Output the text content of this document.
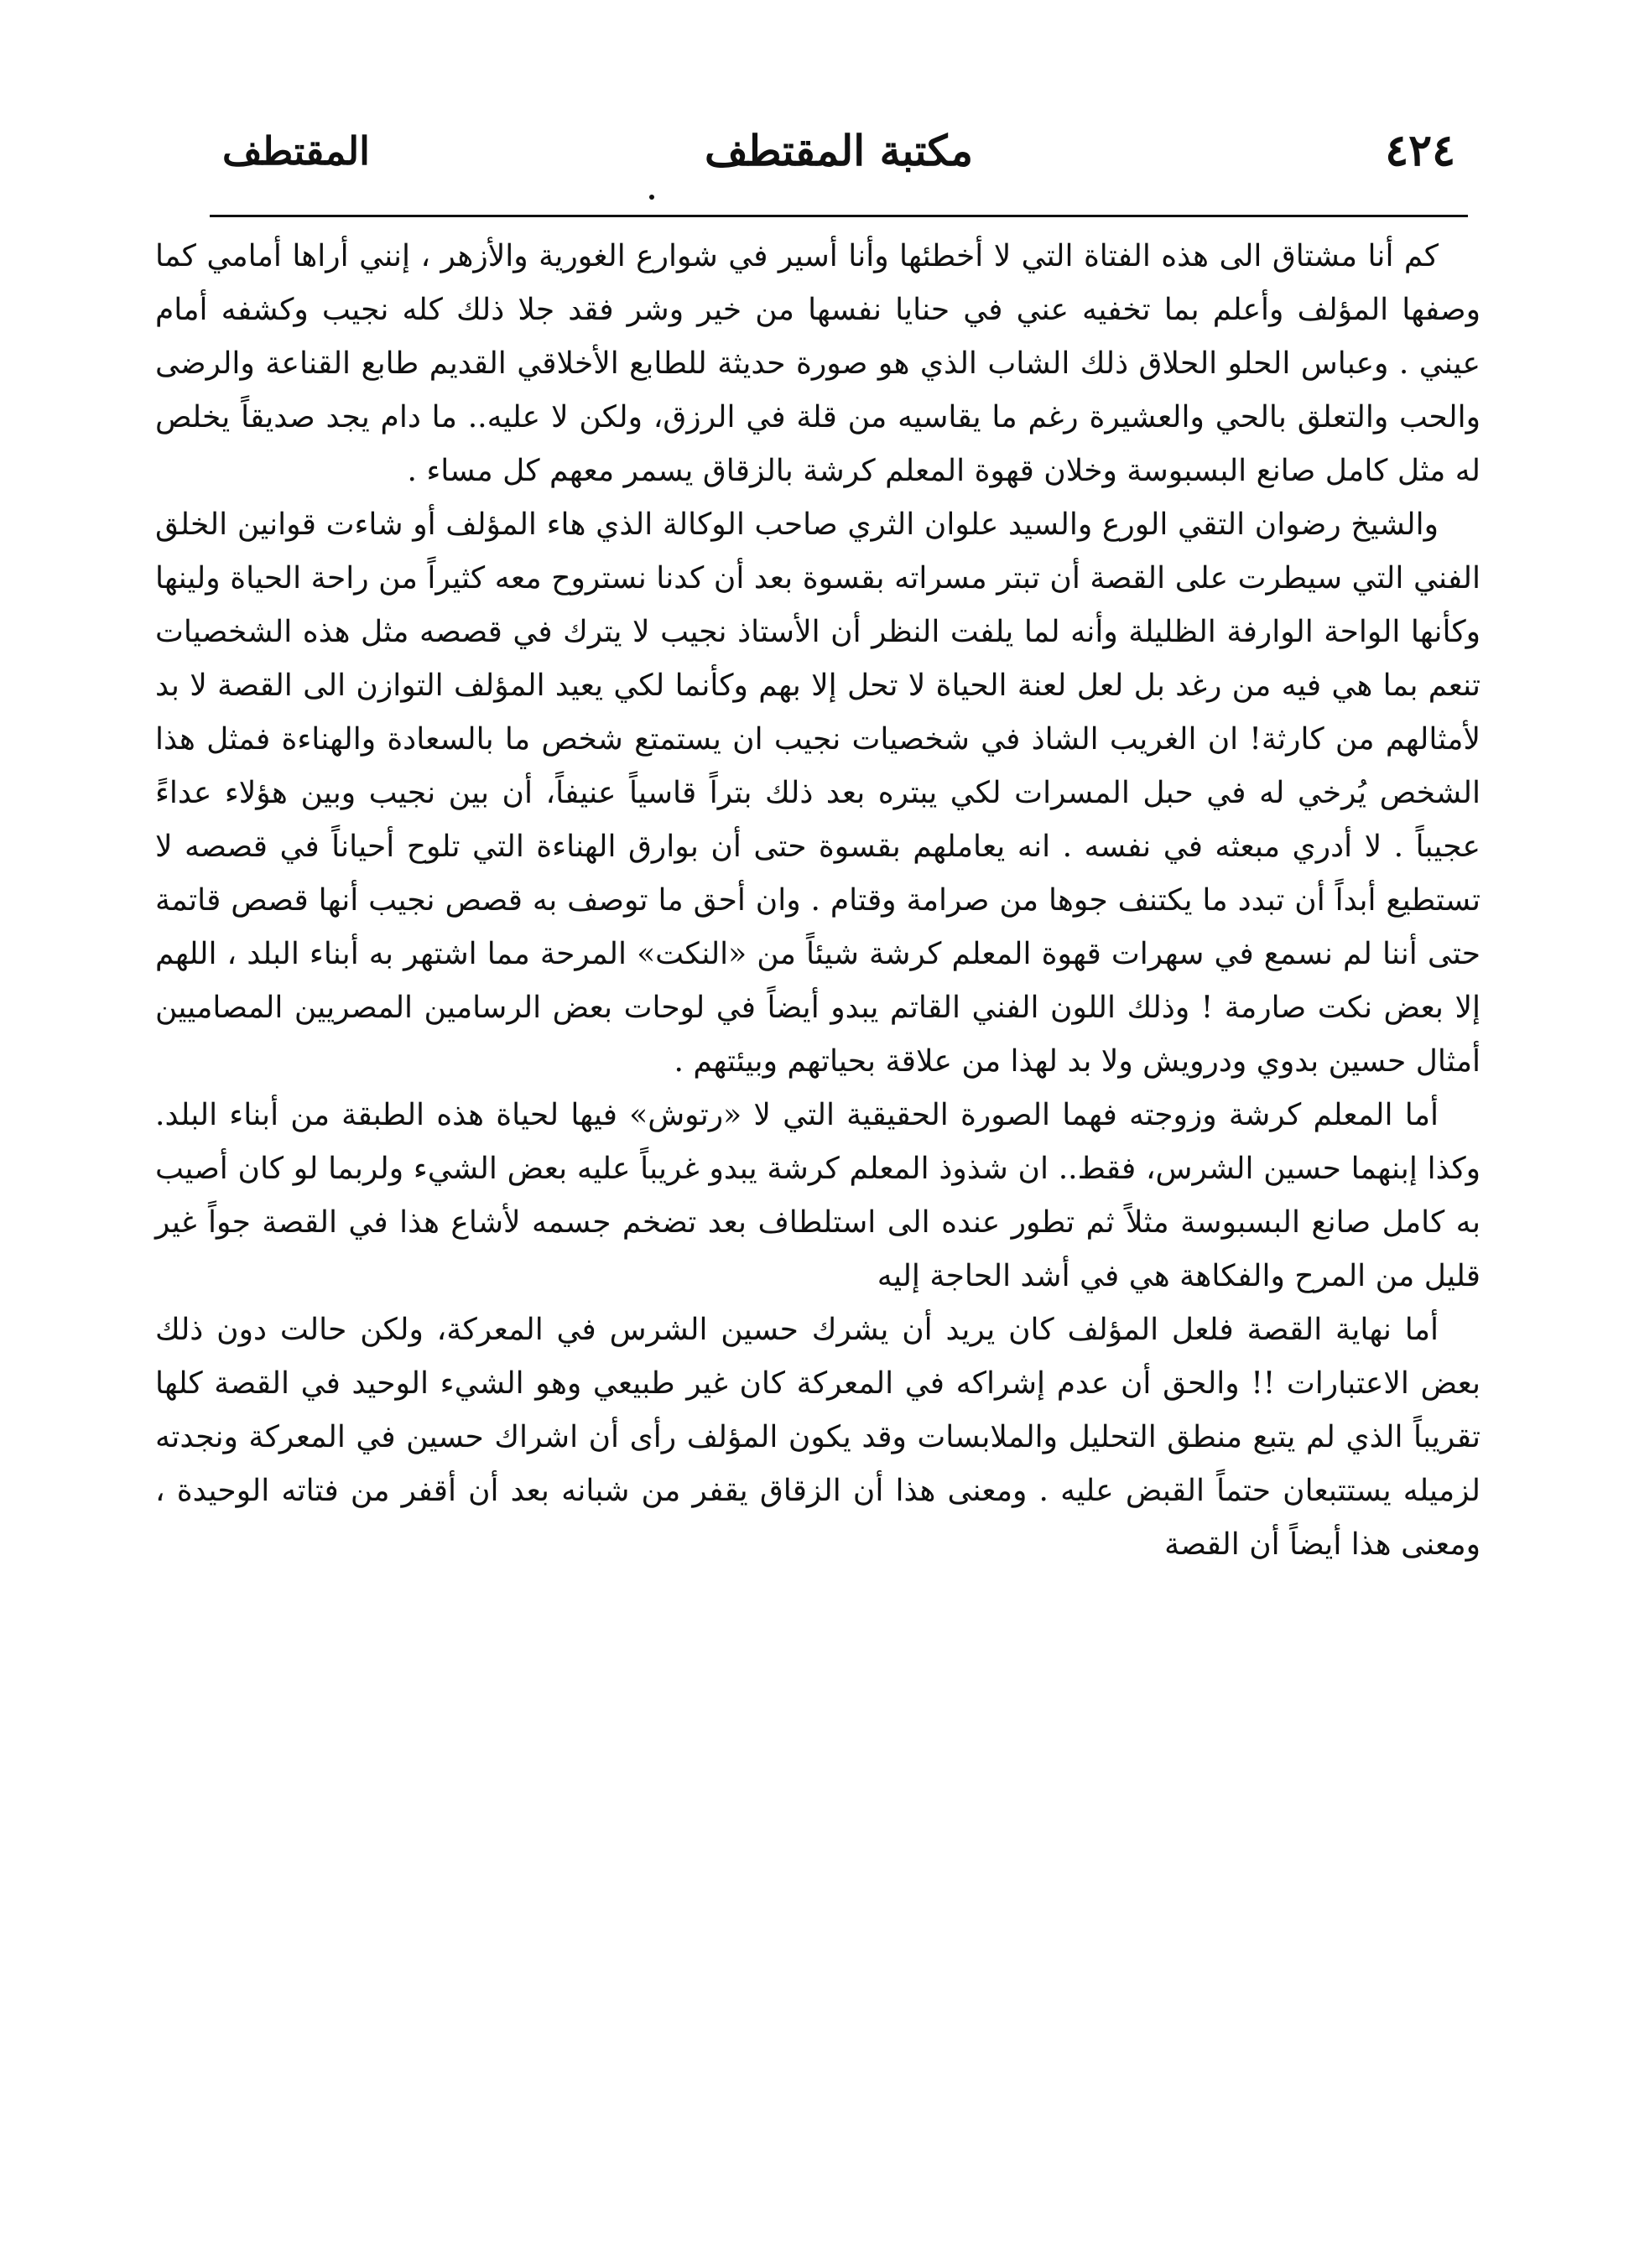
٤٢٤
مكتبة المقتطف
المقتطف

كم أنا مشتاق الى هذه الفتاة التي لا أخطئها وأنا أسير في شوارع الغورية والأزهر ، إنني أراها أمامي كما وصفها المؤلف وأعلم بما تخفيه عني في حنايا نفسها من خير وشر فقد جلا ذلك كله نجيب وكشفه أمام عيني . وعباس الحلو الحلاق ذلك الشاب الذي هو صورة حديثة للطابع الأخلاقي القديم طابع القناعة والرضى والحب والتعلق بالحي والعشيرة رغم ما يقاسيه من قلة في الرزق، ولكن لا عليه.. ما دام يجد صديقاً يخلص له مثل كامل صانع البسبوسة وخلان قهوة المعلم كرشة بالزقاق يسمر معهم كل مساء .

والشيخ رضوان التقي الورع والسيد علوان الثري صاحب الوكالة الذي هاء المؤلف أو شاءت قوانين الخلق الفني التي سيطرت على القصة أن تبتر مسراته بقسوة بعد أن كدنا نستروح معه كثيراً من راحة الحياة ولينها وكأنها الواحة الوارفة الظليلة وأنه لما يلفت النظر أن الأستاذ نجيب لا يترك في قصصه مثل هذه الشخصيات تنعم بما هي فيه من رغد بل لعل لعنة الحياة لا تحل إلا بهم وكأنما لكي يعيد المؤلف التوازن الى القصة لا بد لأمثالهم من كارثة! ان الغريب الشاذ في شخصيات نجيب ان يستمتع شخص ما بالسعادة والهناءة فمثل هذا الشخص يُرخي له في حبل المسرات لكي يبتره بعد ذلك بتراً قاسياً عنيفاً، أن بين نجيب وبين هؤلاء عداءً عجيباً . لا أدري مبعثه في نفسه . انه يعاملهم بقسوة حتى أن بوارق الهناءة التي تلوح أحياناً في قصصه لا تستطيع أبداً أن تبدد ما يكتنف جوها من صرامة وقتام . وان أحق ما توصف به قصص نجيب أنها قصص قاتمة حتى أننا لم نسمع في سهرات قهوة المعلم كرشة شيئاً من «النكت» المرحة مما اشتهر به أبناء البلد ، اللهم إلا بعض نكت صارمة ! وذلك اللون الفني القاتم يبدو أيضاً في لوحات بعض الرسامين المصريين المصاميين أمثال حسين بدوي ودرويش ولا بد لهذا من علاقة بحياتهم وبيئتهم .

أما المعلم كرشة وزوجته فهما الصورة الحقيقية التي لا «رتوش» فيها لحياة هذه الطبقة من أبناء البلد. وكذا إبنهما حسين الشرس، فقط.. ان شذوذ المعلم كرشة يبدو غريباً عليه بعض الشيء ولربما لو كان أصيب به كامل صانع البسبوسة مثلاً ثم تطور عنده الى استلطاف بعد تضخم جسمه لأشاع هذا في القصة جواً غير قليل من المرح والفكاهة هي في أشد الحاجة إليه

أما نهاية القصة فلعل المؤلف كان يريد أن يشرك حسين الشرس في المعركة، ولكن حالت دون ذلك بعض الاعتبارات !! والحق أن عدم إشراكه في المعركة كان غير طبيعي وهو الشيء الوحيد في القصة كلها تقريباً الذي لم يتبع منطق التحليل والملابسات وقد يكون المؤلف رأى أن اشراك حسين في المعركة ونجدته لزميله يستتبعان حتماً القبض عليه . ومعنى هذا أن الزقاق يقفر من شبانه بعد أن أقفر من فتاته الوحيدة ، ومعنى هذا أيضاً أن القصة
